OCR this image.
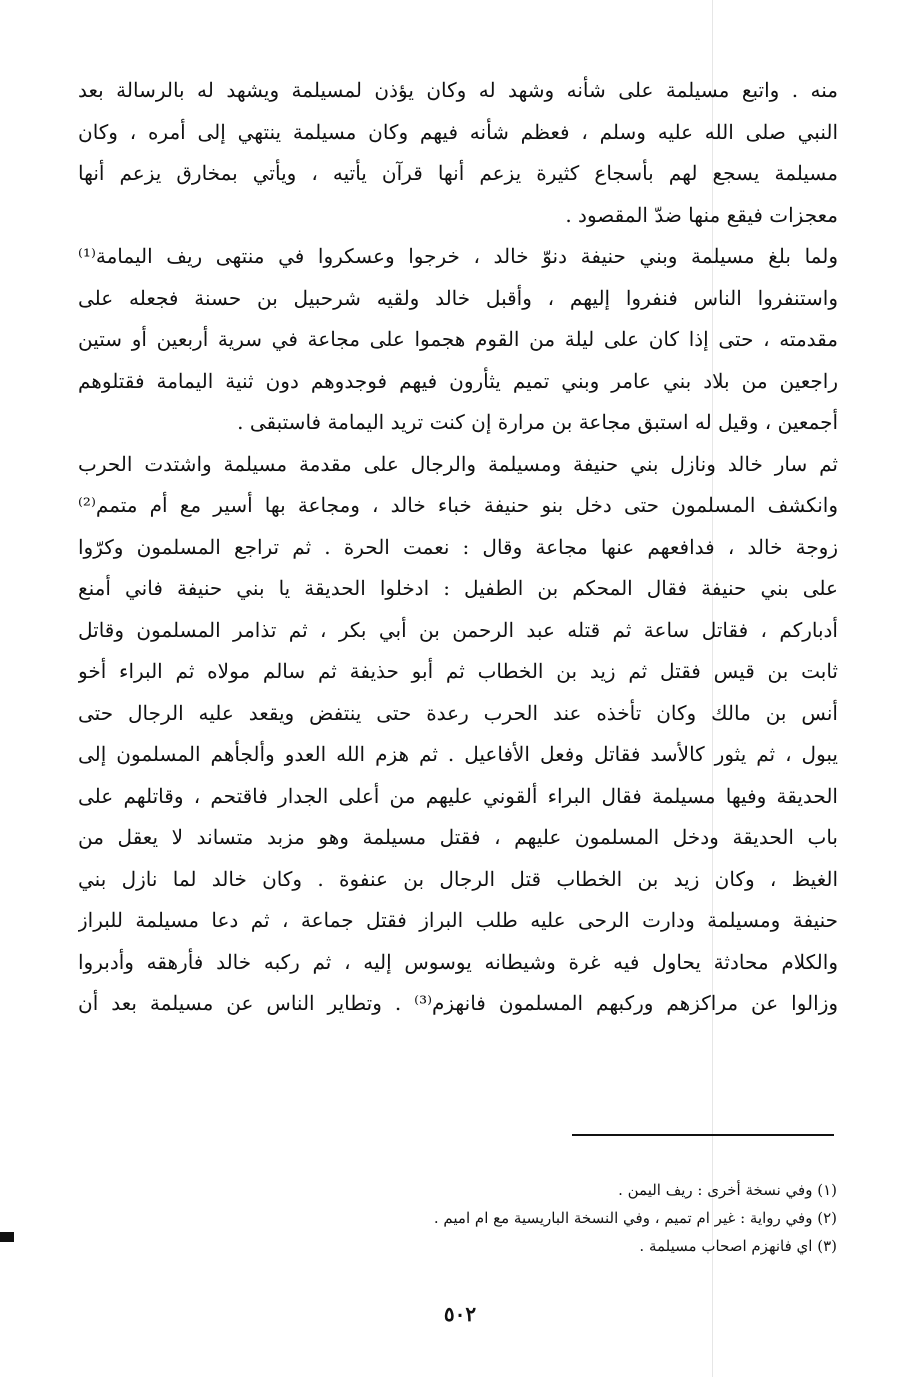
منه . واتبع مسيلمة على شأنه وشهد له وكان يؤذن لمسيلمة ويشهد له بالرسالة بعد
النبي صلى الله عليه وسلم ، فعظم شأنه فيهم وكان مسيلمة ينتهي إلى أمره ، وكان
مسيلمة يسجع لهم بأسجاع كثيرة يزعم أنها قرآن يأتيه ، ويأتي بمخارق يزعم أنها
معجزات فيقع منها ضدّ المقصود .
ولما بلغ مسيلمة وبني حنيفة دنوّ خالد ، خرجوا وعسكروا في منتهى ريف اليمامة⁽¹⁾
واستنفروا الناس فنفروا إليهم ، وأقبل خالد ولقيه شرحبيل بن حسنة فجعله على
مقدمته ، حتى إذا كان على ليلة من القوم هجموا على مجاعة في سرية أربعين أو ستين
راجعين من بلاد بني عامر وبني تميم يثأرون فيهم فوجدوهم دون ثنية اليمامة فقتلوهم
أجمعين ، وقيل له استبق مجاعة بن مرارة إن كنت تريد اليمامة فاستبقى .
ثم سار خالد ونازل بني حنيفة ومسيلمة والرجال على مقدمة مسيلمة واشتدت الحرب
وانكشف المسلمون حتى دخل بنو حنيفة خباء خالد ، ومجاعة بها أسير مع أم متمم⁽²⁾
زوجة خالد ، فدافعهم عنها مجاعة وقال : نعمت الحرة . ثم تراجع المسلمون وكرّوا
على بني حنيفة فقال المحكم بن الطفيل : ادخلوا الحديقة يا بني حنيفة فاني أمنع
أدباركم ، فقاتل ساعة ثم قتله عبد الرحمن بن أبي بكر ، ثم تذامر المسلمون وقاتل
ثابت بن قيس فقتل ثم زيد بن الخطاب ثم أبو حذيفة ثم سالم مولاه ثم البراء أخو
أنس بن مالك وكان تأخذه عند الحرب رعدة حتى ينتفض ويقعد عليه الرجال حتى
يبول ، ثم يثور كالأسد فقاتل وفعل الأفاعيل . ثم هزم الله العدو وألجأهم المسلمون إلى
الحديقة وفيها مسيلمة فقال البراء ألقوني عليهم من أعلى الجدار فاقتحم ، وقاتلهم على
باب الحديقة ودخل المسلمون عليهم ، فقتل مسيلمة وهو مزبد متساند لا يعقل من
الغيظ ، وكان زيد بن الخطاب قتل الرجال بن عنفوة . وكان خالد لما نازل بني
حنيفة ومسيلمة ودارت الرحى عليه طلب البراز فقتل جماعة ، ثم دعا مسيلمة للبراز
والكلام محادثة يحاول فيه غرة وشيطانه يوسوس إليه ، ثم ركبه خالد فأرهقه وأدبروا
وزالوا عن مراكزهم وركبهم المسلمون فانهزم⁽³⁾ . وتطاير الناس عن مسيلمة بعد أن
(١) وفي نسخة أخرى : ريف اليمن .
(٢) وفي رواية : غير ام تميم ، وفي النسخة الباريسية مع ام اميم .
(٣) اي فانهزم اصحاب مسيلمة .
٥٠٢
